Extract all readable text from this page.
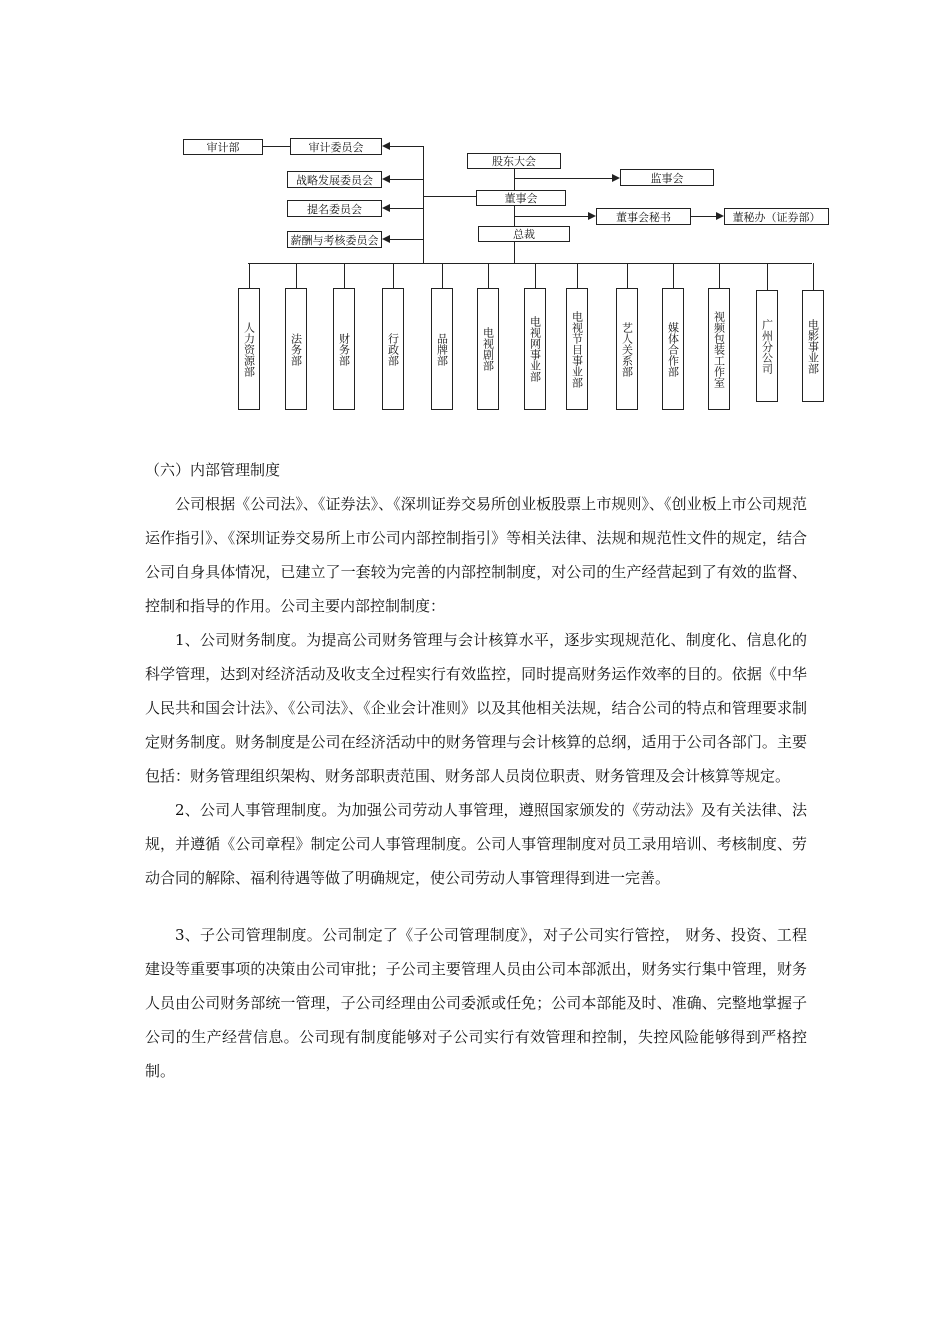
审计部	审计委员会
战略发展委员会
提名委员会
薪酬与考核委员会
股东大会
董事会
总裁
监事会
董事会秘书	董秘办（证券部）
人力资源部	法务部	财务部	行政部	品牌部	电视剧部	电视网事业部	电视节目事业部	艺人关系部	媒体合作部	视频包装工作室	广州分公司	电影事业部
（六）内部管理制度

公司根据《公司法》、《证券法》、《深圳证券交易所创业板股票上市规则》、《创业板上市公司规范运作指引》、《深圳证券交易所上市公司内部控制指引》等相关法律、法规和规范性文件的规定，结合公司自身具体情况，已建立了一套较为完善的内部控制制度，对公司的生产经营起到了有效的监督、控制和指导的作用。公司主要内部控制制度：

1、公司财务制度。为提高公司财务管理与会计核算水平，逐步实现规范化、制度化、信息化的科学管理，达到对经济活动及收支全过程实行有效监控，同时提高财务运作效率的目的。依据《中华人民共和国会计法》、《公司法》、《企业会计准则》以及其他相关法规，结合公司的特点和管理要求制定财务制度。财务制度是公司在经济活动中的财务管理与会计核算的总纲，适用于公司各部门。主要包括：财务管理组织架构、财务部职责范围、财务部人员岗位职责、财务管理及会计核算等规定。

2、公司人事管理制度。为加强公司劳动人事管理，遵照国家颁发的《劳动法》及有关法律、法规，并遵循《公司章程》制定公司人事管理制度。公司人事管理制度对员工录用培训、考核制度、劳动合同的解除、福利待遇等做了明确规定，使公司劳动人事管理得到进一完善。

3、子公司管理制度。公司制定了《子公司管理制度》，对子公司实行管控， 财务、投资、工程建设等重要事项的决策由公司审批；子公司主要管理人员由公司本部派出，财务实行集中管理，财务人员由公司财务部统一管理，子公司经理由公司委派或任免；公司本部能及时、准确、完整地掌握子公司的生产经营信息。公司现有制度能够对子公司实行有效管理和控制，失控风险能够得到严格控制。
